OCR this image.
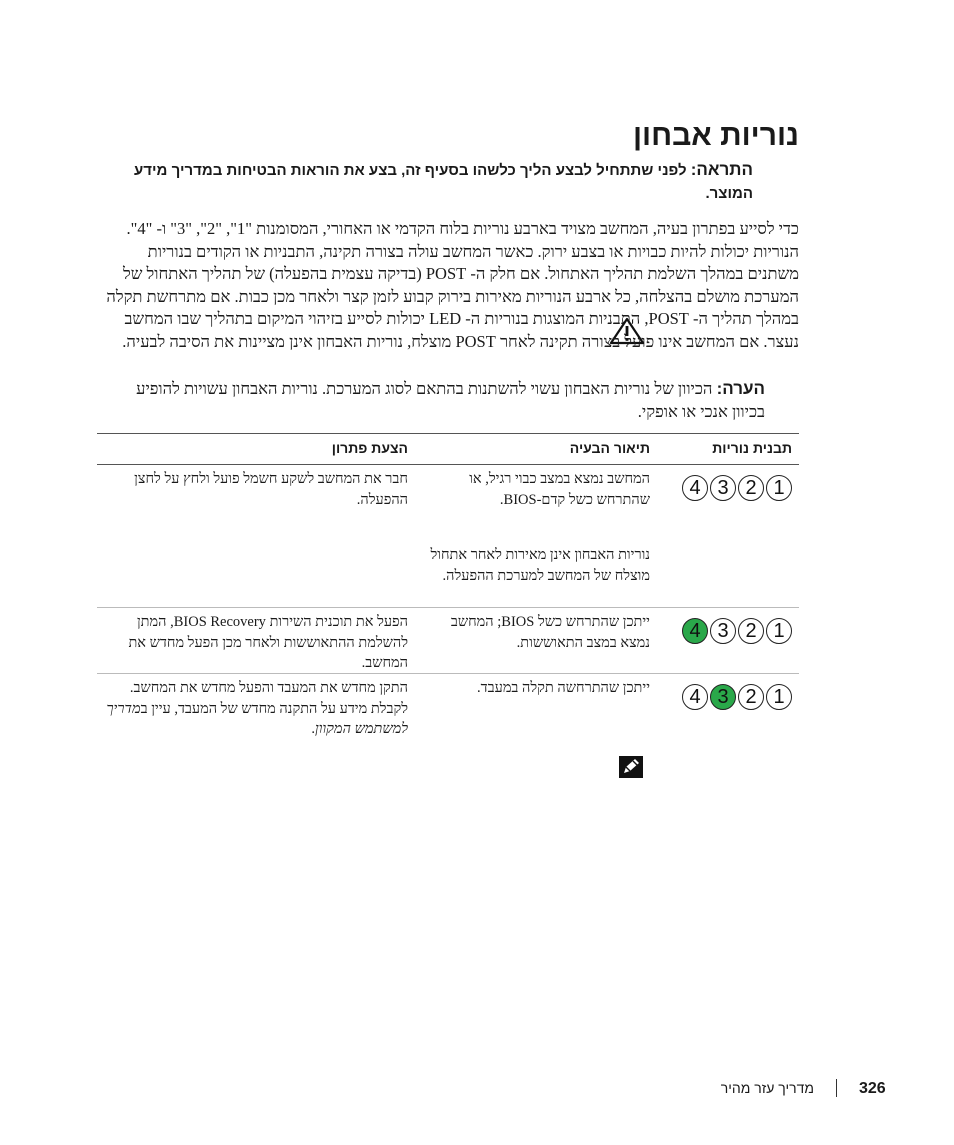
נוריות אבחון
התראה: לפני שתתחיל לבצע הליך כלשהו בסעיף זה, בצע את הוראות הבטיחות במדריך מידע המוצר.

כדי לסייע בפתרון בעיה, המחשב מצויד בארבע נוריות בלוח הקדמי או האחורי, המסומנות "1", "2", "3" ו- "4". הנוריות יכולות להיות כבויות או בצבע ירוק. כאשר המחשב עולה בצורה תקינה, התבניות או הקודים בנוריות משתנים במהלך השלמת תהליך האתחול. אם חלק ה- POST (בדיקה עצמית בהפעלה) של תהליך האתחול של המערכת מושלם בהצלחה, כל ארבע הנוריות מאירות בירוק קבוע לזמן קצר ולאחר מכן כבות. אם מתרחשת תקלה במהלך תהליך ה- POST, התבניות המוצגות בנוריות ה- LED יכולות לסייע בזיהוי המיקום בתהליך שבו המחשב נעצר. אם המחשב אינו פועל בצורה תקינה לאחר POST מוצלח, נוריות האבחון אינן מציינות את הסיבה לבעיה.

הערה: הכיוון של נוריות האבחון עשוי להשתנות בהתאם לסוג המערכת. נוריות האבחון עשויות להופיע בכיוון אנכי או אופקי.
תבנית נוריות
תיאור הבעיה
הצעת פתרון
1
2
3
4
המחשב נמצא במצב כבוי רגיל, או שהתרחש כשל קדם-BIOS.
נוריות האבחון אינן מאירות לאחר אתחול מוצלח של המחשב למערכת ההפעלה.
חבר את המחשב לשקע חשמל פועל ולחץ על לחצן ההפעלה.
1
2
3
4
ייתכן שהתרחש כשל BIOS; המחשב נמצא במצב התאוששות.
הפעל את תוכנית השירות BIOS Recovery, המתן להשלמת ההתאוששות ולאחר מכן הפעל מחדש את המחשב.
1
2
3
4
ייתכן שהתרחשה תקלה במעבד.
התקן מחדש את המעבד והפעל מחדש את המחשב. לקבלת מידע על התקנה מחדש של המעבד, עיין במדריך למשתמש המקוון.
326
מדריך עזר מהיר
